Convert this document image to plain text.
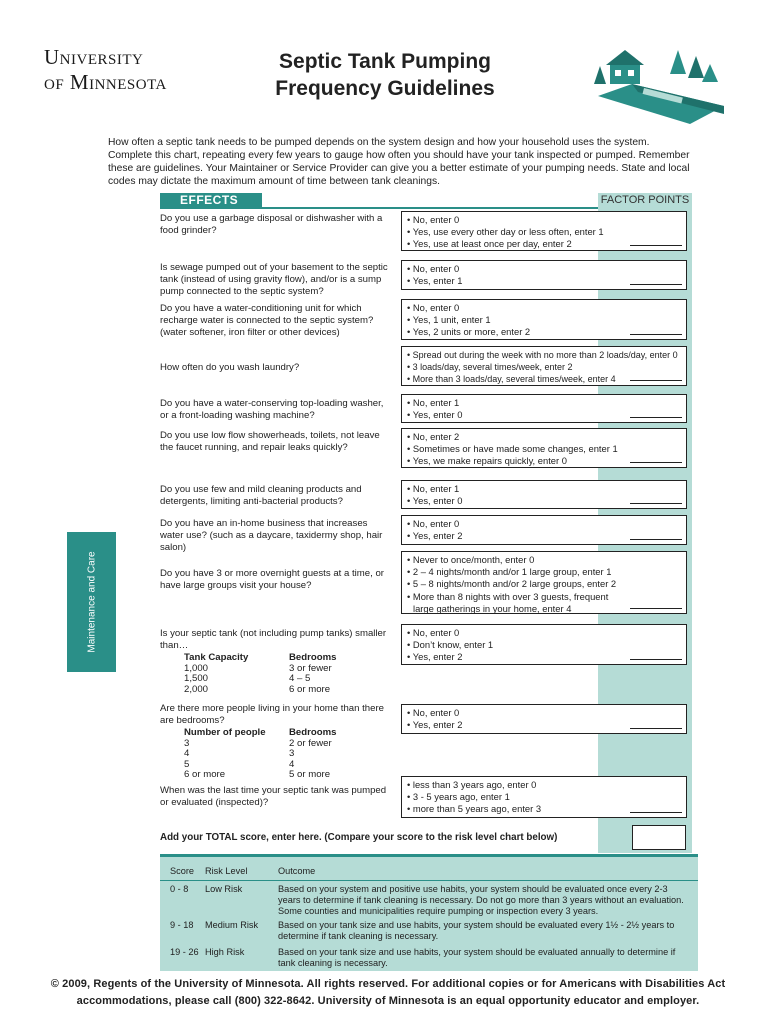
University
of Minnesota
Septic Tank Pumping
Frequency Guidelines
How often a septic tank needs to be pumped depends on the system design and how your household uses the system. Complete this chart, repeating every few years to gauge how often you should have your tank inspected or pumped. Remember these are guidelines. Your Maintainer or Service Provider can give you a better estimate of your pumping needs. State and local codes may dictate the maximum amount of time between tank cleanings.
EFFECTS	FACTOR POINTS
Maintenance and Care
Do you use a garbage disposal or dishwasher with a food grinder?
• No, enter 0
• Yes, use every other day or less often, enter 1
• Yes, use at least once per day, enter 2
Is sewage pumped out of your basement to the septic tank (instead of using gravity flow), and/or is a sump pump connected to the septic system?
• No, enter 0
• Yes, enter 1
Do you have a water-conditioning unit for which recharge water is connected to the septic system? (water softener, iron filter or other devices)
• No, enter 0
• Yes, 1 unit, enter 1
• Yes, 2 units or more, enter 2
How often do you wash laundry?
• Spread out during the week with no more than 2 loads/day, enter 0
• 3 loads/day, several times/week, enter 2
• More than 3 loads/day, several times/week, enter 4
Do you have a water-conserving top-loading washer, or a front-loading washing machine?
• No, enter 1
• Yes, enter 0
Do you use low flow showerheads, toilets, not leave the faucet running, and repair leaks quickly?
• No, enter 2
• Sometimes or have made some changes, enter 1
• Yes, we make repairs quickly, enter 0
Do you use few and mild cleaning products and detergents, limiting anti-bacterial products?
• No, enter 1
• Yes, enter 0
Do you have an in-home business that increases water use? (such as a daycare, taxidermy shop, hair salon)
• No, enter 0
• Yes, enter 2
Do you have 3 or more overnight guests at a time, or have large groups visit your house?
• Never to once/month, enter 0
• 2 – 4 nights/month and/or 1 large group, enter 1
• 5 – 8 nights/month and/or 2 large groups, enter 2
• More than 8 nights with over 3 guests, frequent
large gatherings in your home, enter 4
Is your septic tank (not including pump tanks) smaller than…
Tank Capacity	Bedrooms
1,000	3 or fewer
1,500	4 – 5
2,000	6 or more
• No, enter 0
• Don’t know, enter 1
• Yes, enter 2
Are there more people living in your home than there are bedrooms?
Number of people	Bedrooms
3	2 or fewer
4	3
5	4
6 or more	5 or more
• No, enter 0
• Yes, enter 2
When was the last time your septic tank was pumped or evaluated (inspected)?
• less than 3 years ago, enter 0
• 3 - 5 years ago, enter 1
• more than 5 years ago, enter 3
Add your TOTAL score, enter here. (Compare your score to the risk level chart below)
Score Risk Level	Outcome
0 - 8 Low Risk	Based on your system and positive use habits, your system should be evaluated once every 2-3 years to determine if tank cleaning is necessary. Do not go more than 3 years without an evaluation. Some counties and municipalities require pumping or inspection every 3 years.
9 - 18 Medium Risk Based on your tank size and use habits, your system should be evaluated every 1½ - 2½ years to determine if tank cleaning is necessary.
19 - 26 High Risk	Based on your tank size and use habits, your system should be evaluated annually to determine if tank cleaning is necessary.
© 2009, Regents of the University of Minnesota. All rights reserved. For additional copies or for Americans with Disabilities Act accommodations, please call (800) 322-8642. University of Minnesota is an equal opportunity educator and employer.
